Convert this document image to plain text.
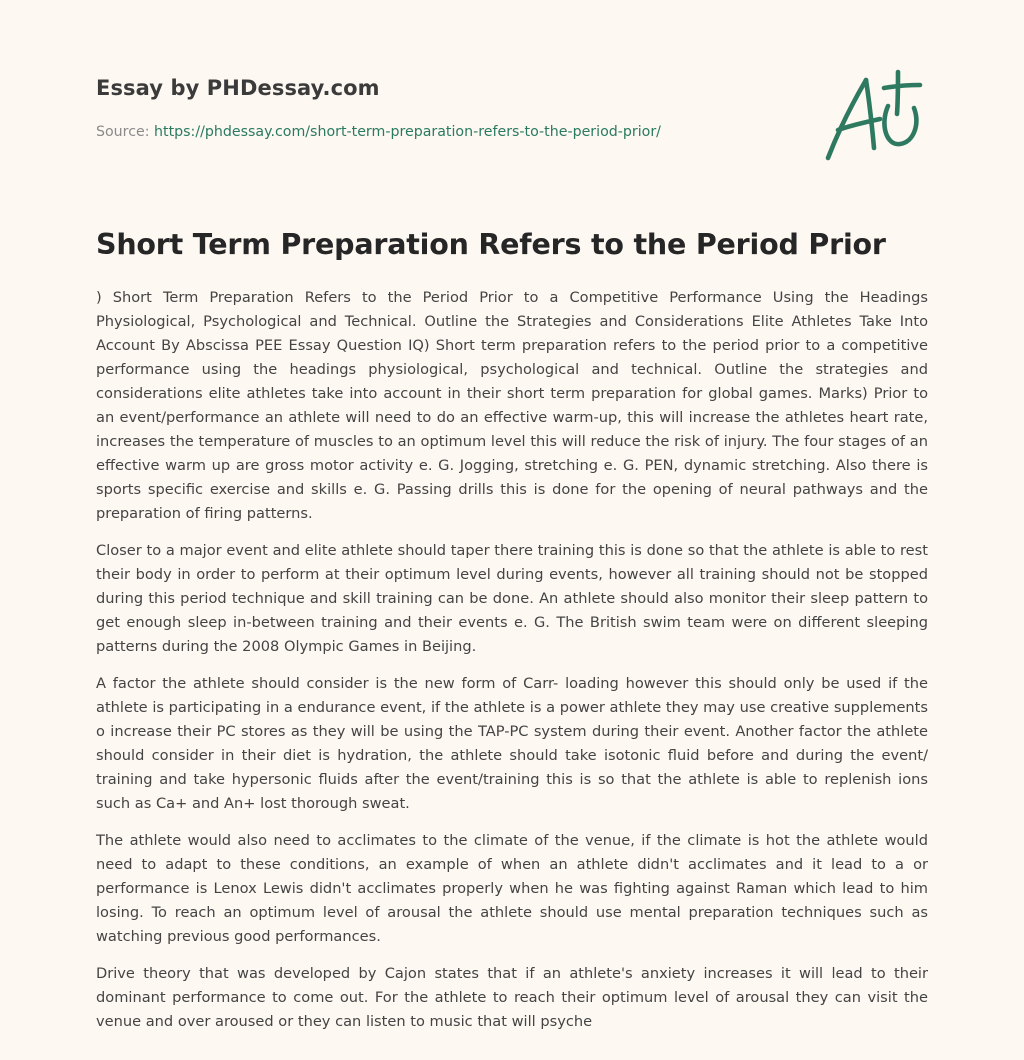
Essay by PHDessay.com
Source: https://phdessay.com/short-term-preparation-refers-to-the-period-prior/
Short Term Preparation Refers to the Period Prior

) Short Term Preparation Refers to the Period Prior to a Competitive Performance Using the Headings Physiological, Psychological and Technical. Outline the Strategies and Considerations Elite Athletes Take Into Account By Abscissa PEE Essay Question IQ) Short term preparation refers to the period prior to a competitive performance using the headings physiological, psychological and technical. Outline the strategies and considerations elite athletes take into account in their short term preparation for global games. Marks) Prior to an event/performance an athlete will need to do an effective warm-up, this will increase the athletes heart rate, increases the temperature of muscles to an optimum level this will reduce the risk of injury. The four stages of an effective warm up are gross motor activity e. G. Jogging, stretching e. G. PEN, dynamic stretching. Also there is sports specific exercise and skills e. G. Passing drills this is done for the opening of neural pathways and the preparation of firing patterns.

Closer to a major event and elite athlete should taper there training this is done so that the athlete is able to rest their body in order to perform at their optimum level during events, however all training should not be stopped during this period technique and skill training can be done. An athlete should also monitor their sleep pattern to get enough sleep in-between training and their events e. G. The British swim team were on different sleeping patterns during the 2008 Olympic Games in Beijing.

A factor the athlete should consider is the new form of Carr- loading however this should only be used if the athlete is participating in a endurance event, if the athlete is a power athlete they may use creative supplements o increase their PC stores as they will be using the TAP-PC system during their event. Another factor the athlete should consider in their diet is hydration, the athlete should take isotonic fluid before and during the event/ training and take hypersonic fluids after the event/training this is so that the athlete is able to replenish ions such as Ca+ and An+ lost thorough sweat.

The athlete would also need to acclimates to the climate of the venue, if the climate is hot the athlete would need to adapt to these conditions, an example of when an athlete didn't acclimates and it lead to a or performance is Lenox Lewis didn't acclimates properly when he was fighting against Raman which lead to him losing. To reach an optimum level of arousal the athlete should use mental preparation techniques such as watching previous good performances.

Drive theory that was developed by Cajon states that if an athlete's anxiety increases it will lead to their dominant performance to come out. For the athlete to reach their optimum level of arousal they can visit the venue and over aroused or they can listen to music that will psyche
